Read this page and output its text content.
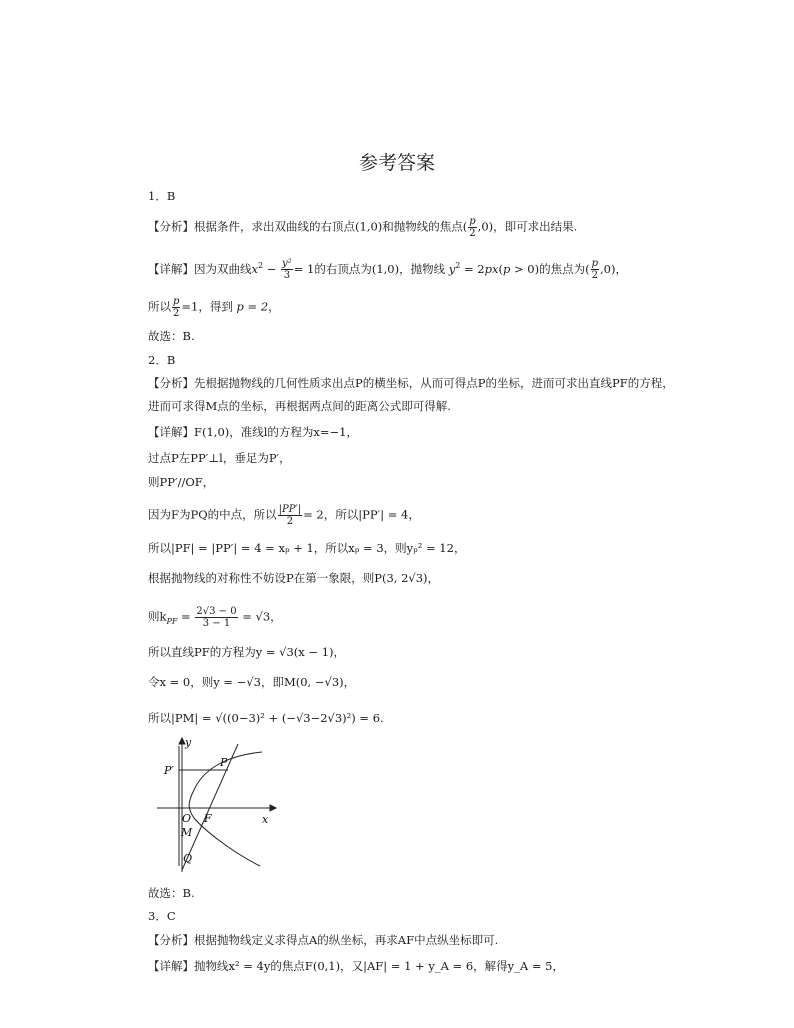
参考答案
1．B
【分析】根据条件，求出双曲线的右顶点(1,0)和抛物线的焦点( $\frac{p}{2} ,0$)，即可求出结果.
【详解】因为双曲线$x^2 - \frac{\text{y²}}{3} = 1$的右顶点为(1,0)，抛物线 $y^2 = 2px(p > 0)$的焦点为( $\frac{p}{2} ,0$)，
所以 $\frac{p}{2} =1$，得到 p = 2，
故选：B.
2．B
【分析】先根据抛物线的几何性质求出点P的横坐标，从而可得点P的坐标，进而可求出直线PF的方程，
进而可求得M点的坐标，再根据两点间的距离公式即可得解.
【详解】F(1,0)，准线l的方程为x=−1，
过点P左PP′⊥l，垂足为P′，
则PP′//OF，
因为F为PQ的中点，所以 $\frac{|PP'|}{2} = 2$，所以|PP′| = 4，
所以|PF| = |PP′| = 4 = xₚ + 1，所以xₚ = 3，则yₚ² = 12，
根据抛物线的对称性不妨设P在第一象限，则P(3, 2√3)，
则$k_{PF} = \frac{2√3 - 0}{3 - 1} = √3$，
所以直线PF的方程为y = √3(x − 1)，
令x = 0，则y = −√3，即M(0, −√3)，
所以|PM| = √((0−3)² + (−√3−2√3)²) = 6.
y
x
P′
P
O F
M
Q
故选：B.
3．C
【分析】根据抛物线定义求得点A的纵坐标，再求AF中点纵坐标即可.
【详解】抛物线x² = 4y的焦点F(0,1)，又|AF| = 1 + y_A = 6，解得y_A = 5，
